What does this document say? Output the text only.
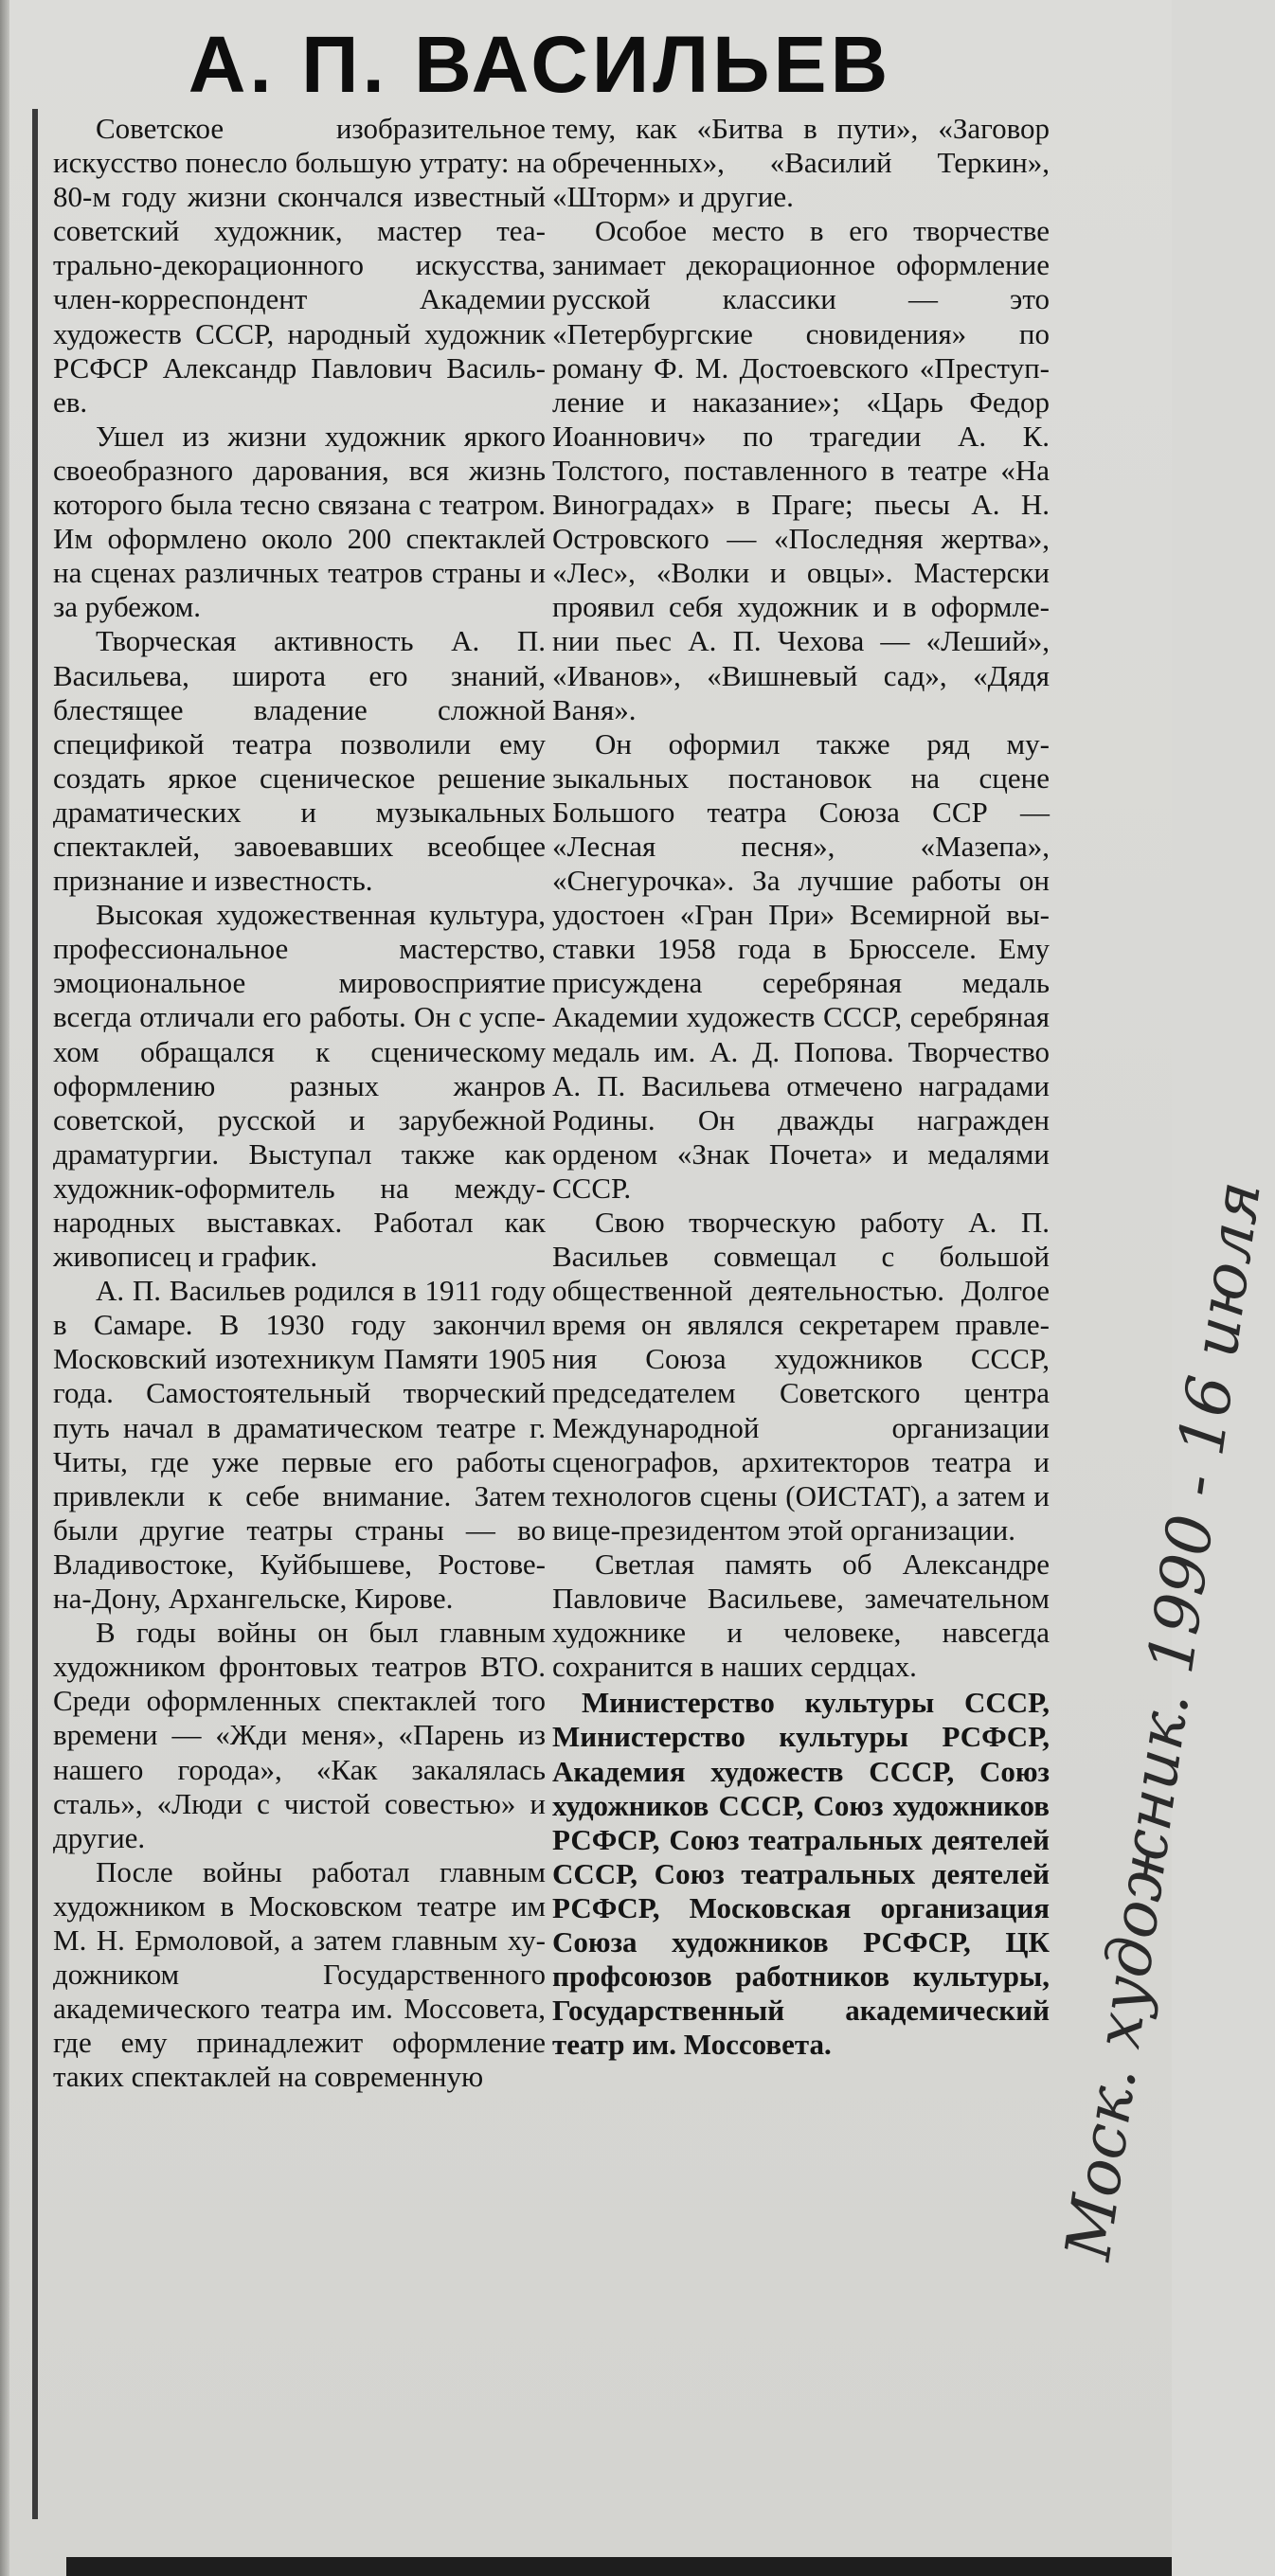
А. П. ВАСИЛЬЕВ

Советское изобразительное искусство понесло большую утрату: на 80-м году жизни скончался известный советский художник, мастер театрально-декорационного искусства, член-корреспондент Академии художеств СССР, народный художник РСФСР Александр Павлович Васильев.

Ушел из жизни художник яркого своеобразного дарования, вся жизнь которого была тесно связана с театром. Им оформлено около 200 спектаклей на сценах различных театров страны и за рубежом.

Творческая активность А. П. Васильева, широта его знаний, блестящее владение сложной спецификой театра позволили ему создать яркое сценическое решение драматических и музыкальных спектаклей, завоевавших всеобщее признание и известность.

Высокая художественная культура, профессиональное мастерство, эмоциональное мировосприятие всегда отличали его работы. Он с успехом обращался к сценическому оформлению разных жанров советской, русской и зарубежной драматургии. Выступал также как художник-оформитель на международных выставках. Работал как живописец и график.

А. П. Васильев родился в 1911 году в Самаре. В 1930 году закончил Московский изотехникум Памяти 1905 года. Самостоятельный творческий путь начал в драматическом театре г. Читы, где уже первые его работы привлекли к себе внимание. Затем были другие театры страны — во Владивостоке, Куйбышеве, Ростове-на-Дону, Архангельске, Кирове.

В годы войны он был главным художником фронтовых театров ВТО. Среди оформленных спектаклей того времени — «Жди меня», «Парень из нашего города», «Как закалялась сталь», «Люди с чистой совестью» и другие.

После войны работал главным художником в Московском театре им М. Н. Ермоловой, а затем главным художником Государственного академического театра им. Моссовета, где ему принадлежит оформление таких спектаклей на современную

тему, как «Битва в пути», «Заговор обреченных», «Василий Теркин», «Шторм» и другие.

Особое место в его творчестве занимает декорационное оформление русской классики — это «Петербургские сновидения» по роману Ф. М. Достоевского «Преступление и наказание»; «Царь Федор Иоаннович» по трагедии А. К. Толстого, поставленного в театре «На Виноградах» в Праге; пьесы А. Н. Островского — «Последняя жертва», «Лес», «Волки и овцы». Мастерски проявил себя художник и в оформлении пьес А. П. Чехова — «Леший», «Иванов», «Вишневый сад», «Дядя Ваня».

Он оформил также ряд музыкальных постановок на сцене Большого театра Союза ССР — «Лесная песня», «Мазепа», «Снегурочка». За лучшие работы он удостоен «Гран При» Всемирной выставки 1958 года в Брюсселе. Ему присуждена серебряная медаль Академии художеств СССР, серебряная медаль им. А. Д. Попова. Творчество А. П. Васильева отмечено наградами Родины. Он дважды награжден орденом «Знак Почета» и медалями СССР.

Свою творческую работу А. П. Васильев совмещал с большой общественной деятельностью. Долгое время он являлся секретарем правления Союза художников СССР, председателем Советского центра Международной организации сценографов, архитекторов театра и технологов сцены (ОИСТАТ), а затем и вице-президентом этой организации.

Светлая память об Александре Павловиче Васильеве, замечательном художнике и человеке, навсегда сохранится в наших сердцах.

Министерство культуры СССР, Министерство культуры РСФСР, Академия художеств СССР, Союз художников СССР, Союз художников РСФСР, Союз театральных деятелей СССР, Союз театральных деятелей РСФСР, Московская организация Союза художников РСФСР, ЦК профсоюзов работников культуры, Государственный академический театр им. Моссовета.	Моск. художник. 1990 - 16 июля
